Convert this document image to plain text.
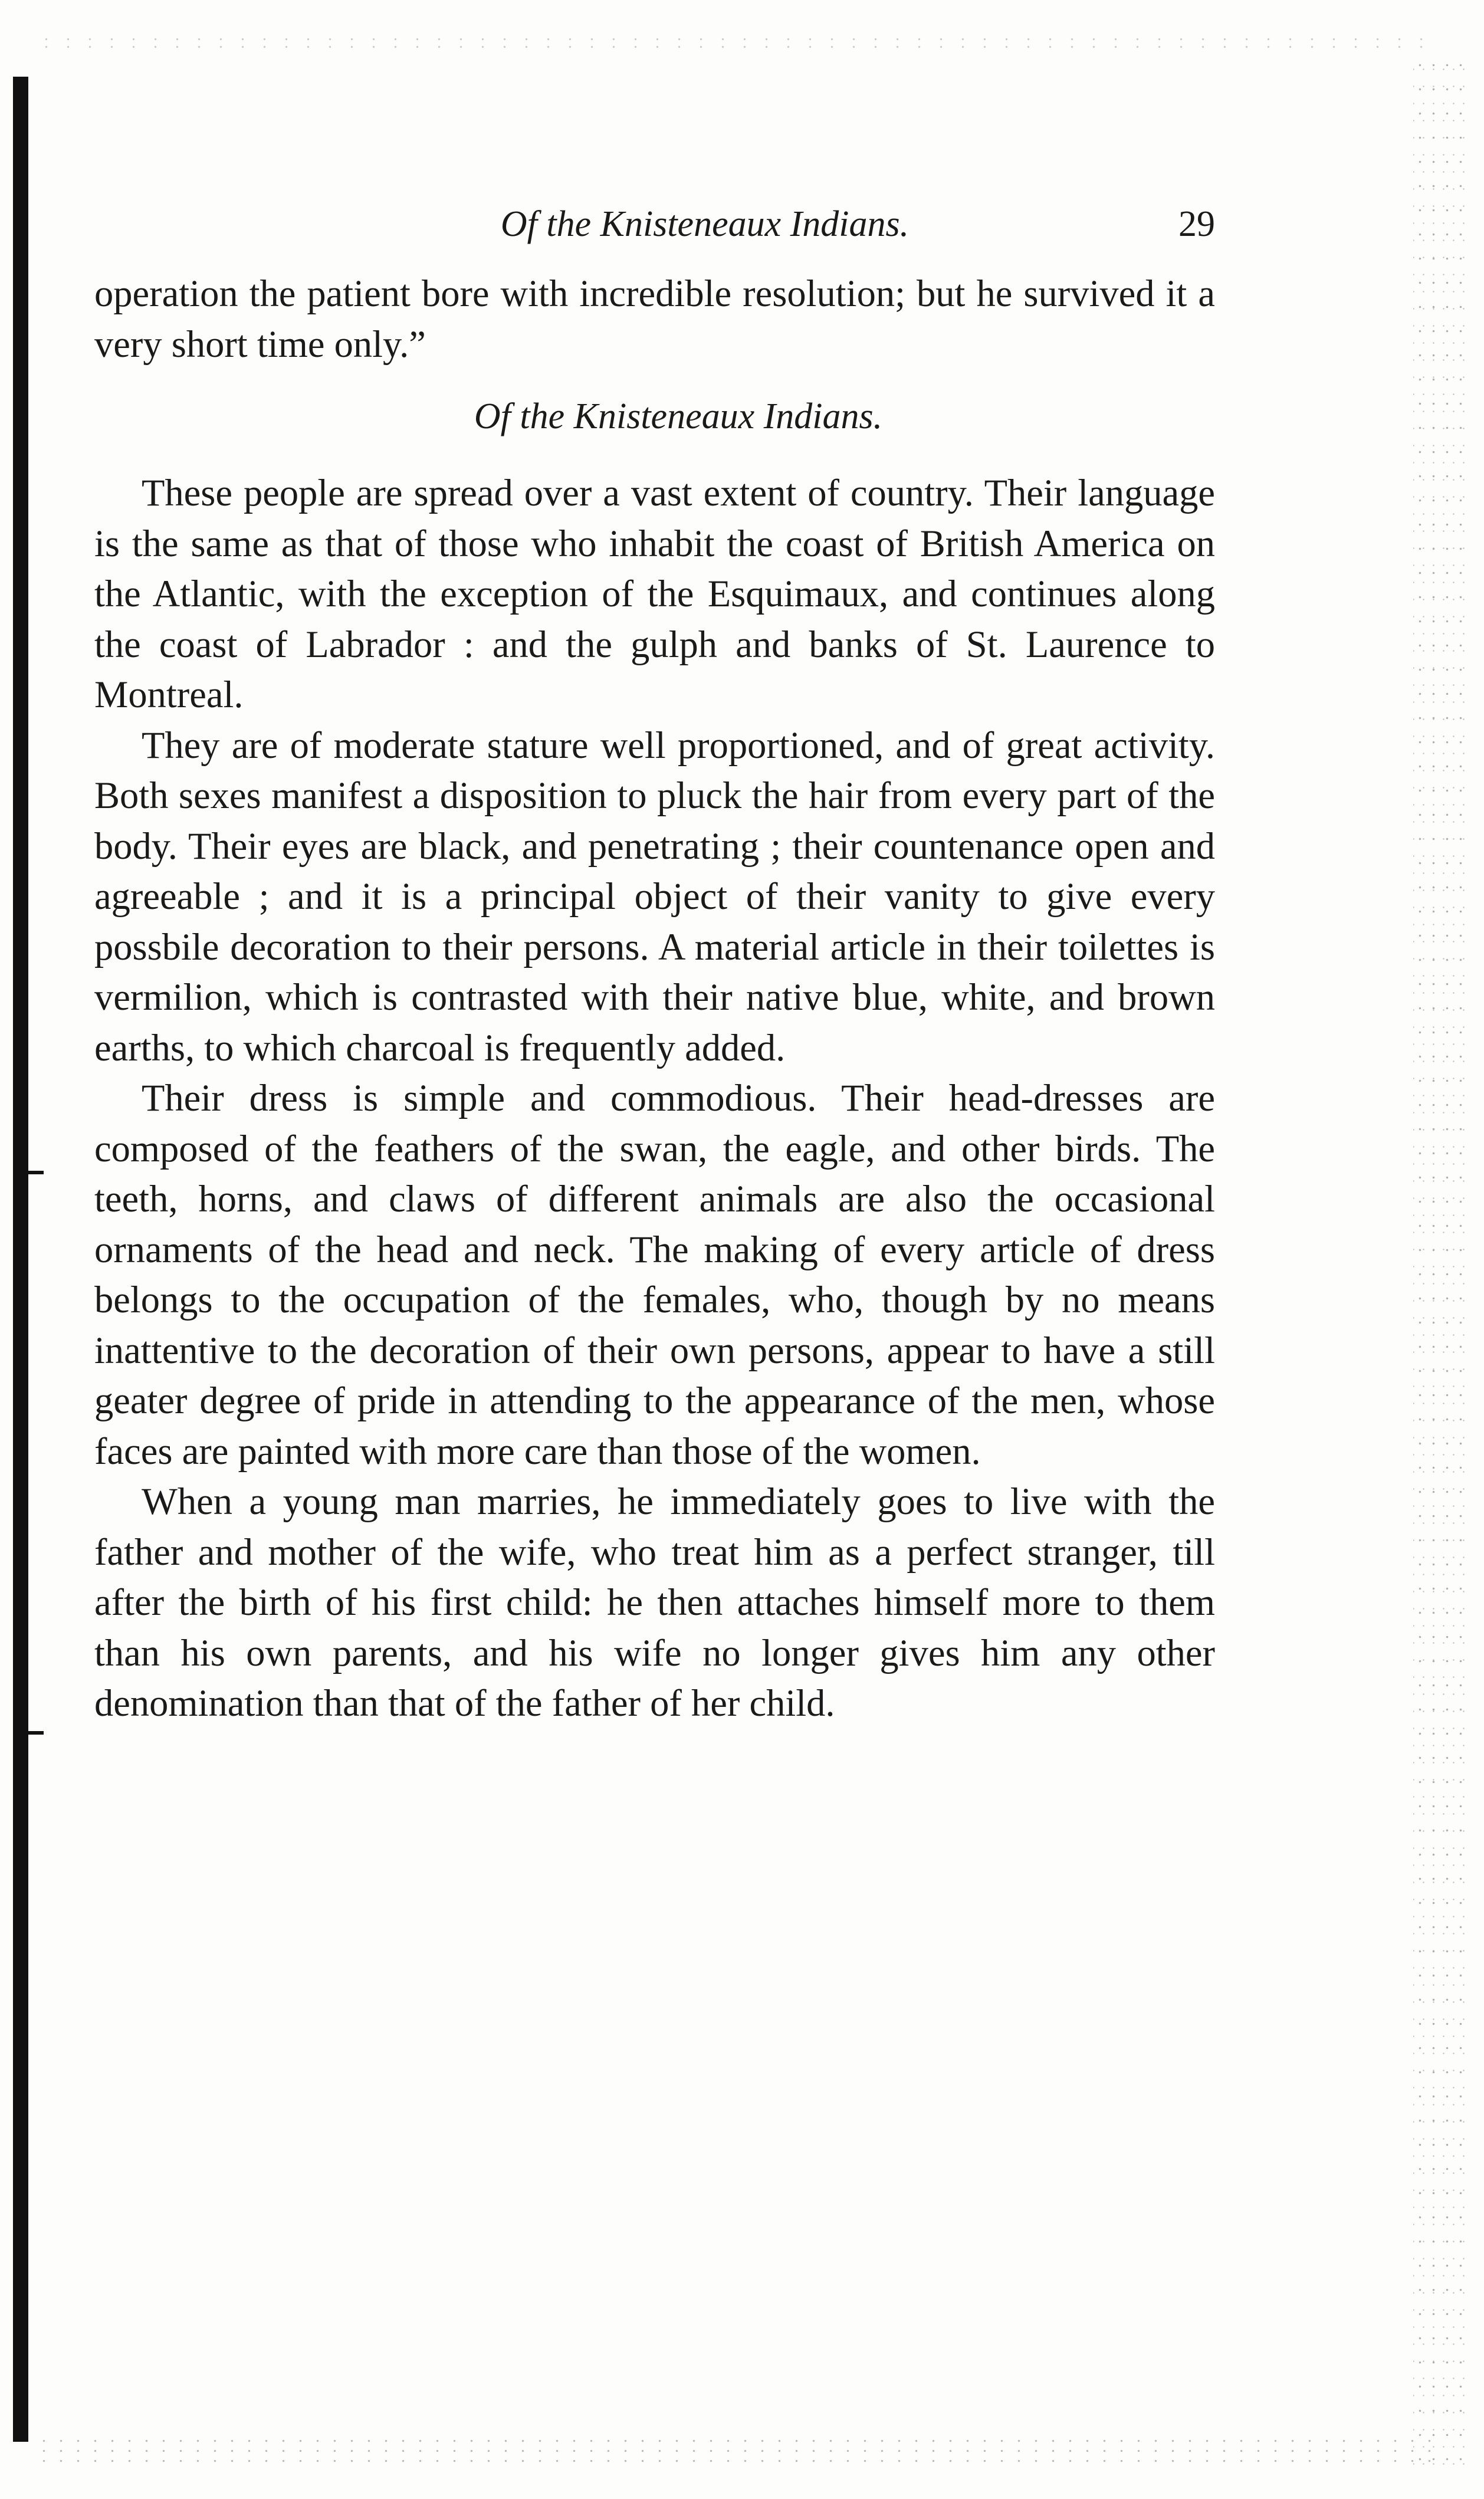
Of the Knisteneaux Indians.	29

operation the patient bore with incredible resolution; but he survived it a very short time only.”

Of the Knisteneaux Indians.

These people are spread over a vast extent of country. Their language is the same as that of those who inhabit the coast of British America on the Atlantic, with the exception of the Esquimaux, and continues along the coast of Labrador : and the gulph and banks of St. Laurence to Montreal.

They are of moderate stature well proportioned, and of great activity. Both sexes manifest a disposition to pluck the hair from every part of the body. Their eyes are black, and penetrating ; their countenance open and agreeable ; and it is a principal object of their vanity to give every possbile decoration to their persons. A material article in their toilettes is vermilion, which is contrasted with their native blue, white, and brown earths, to which charcoal is frequently added.

Their dress is simple and commodious. Their head-dresses are composed of the feathers of the swan, the eagle, and other birds. The teeth, horns, and claws of different animals are also the occasional ornaments of the head and neck. The making of every article of dress belongs to the occupation of the females, who, though by no means inattentive to the decoration of their own persons, appear to have a still geater degree of pride in attending to the appearance of the men, whose faces are painted with more care than those of the women.

When a young man marries, he immediately goes to live with the father and mother of the wife, who treat him as a perfect stranger, till after the birth of his first child: he then attaches himself more to them than his own parents, and his wife no longer gives him any other denomination than that of the father of her child.
